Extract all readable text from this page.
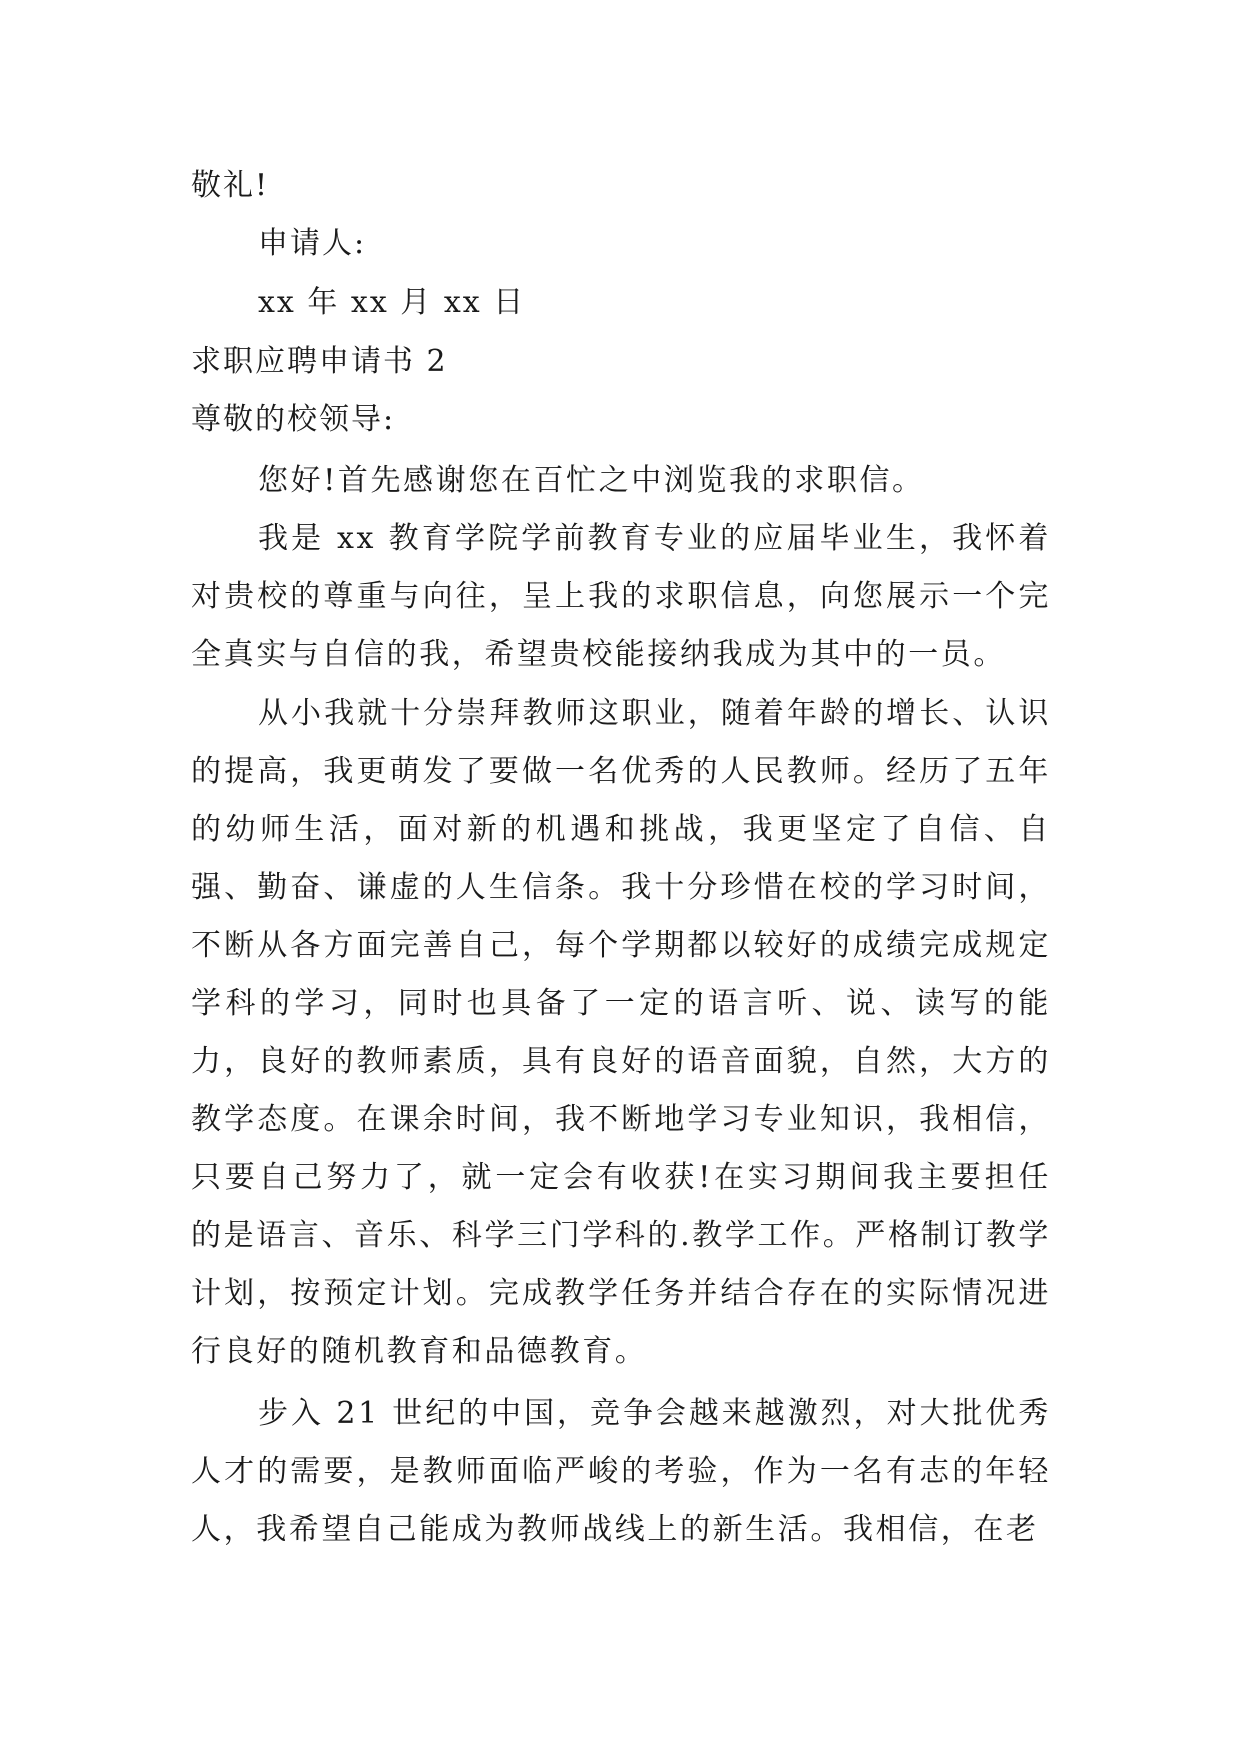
敬礼!
申请人:
xx 年 xx 月 xx 日
求职应聘申请书 2
尊敬的校领导:
您好!首先感谢您在百忙之中浏览我的求职信。
我是 xx 教育学院学前教育专业的应届毕业生，我怀着对贵校的尊重与向往，呈上我的求职信息，向您展示一个完全真实与自信的我，希望贵校能接纳我成为其中的一员。
从小我就十分崇拜教师这职业，随着年龄的增长、认识的提高，我更萌发了要做一名优秀的人民教师。经历了五年的幼师生活，面对新的机遇和挑战，我更坚定了自信、自强、勤奋、谦虚的人生信条。我十分珍惜在校的学习时间，不断从各方面完善自己，每个学期都以较好的成绩完成规定学科的学习，同时也具备了一定的语言听、说、读写的能力，良好的教师素质，具有良好的语音面貌，自然，大方的教学态度。在课余时间，我不断地学习专业知识，我相信，只要自己努力了，就一定会有收获!在实习期间我主要担任的是语言、音乐、科学三门学科的.教学工作。严格制订教学计划，按预定计划。完成教学任务并结合存在的实际情况进行良好的随机教育和品德教育。
步入 21 世纪的中国，竞争会越来越激烈，对大批优秀人才的需要，是教师面临严峻的考验，作为一名有志的年轻人，我希望自己能成为教师战线上的新生活。我相信，在老
